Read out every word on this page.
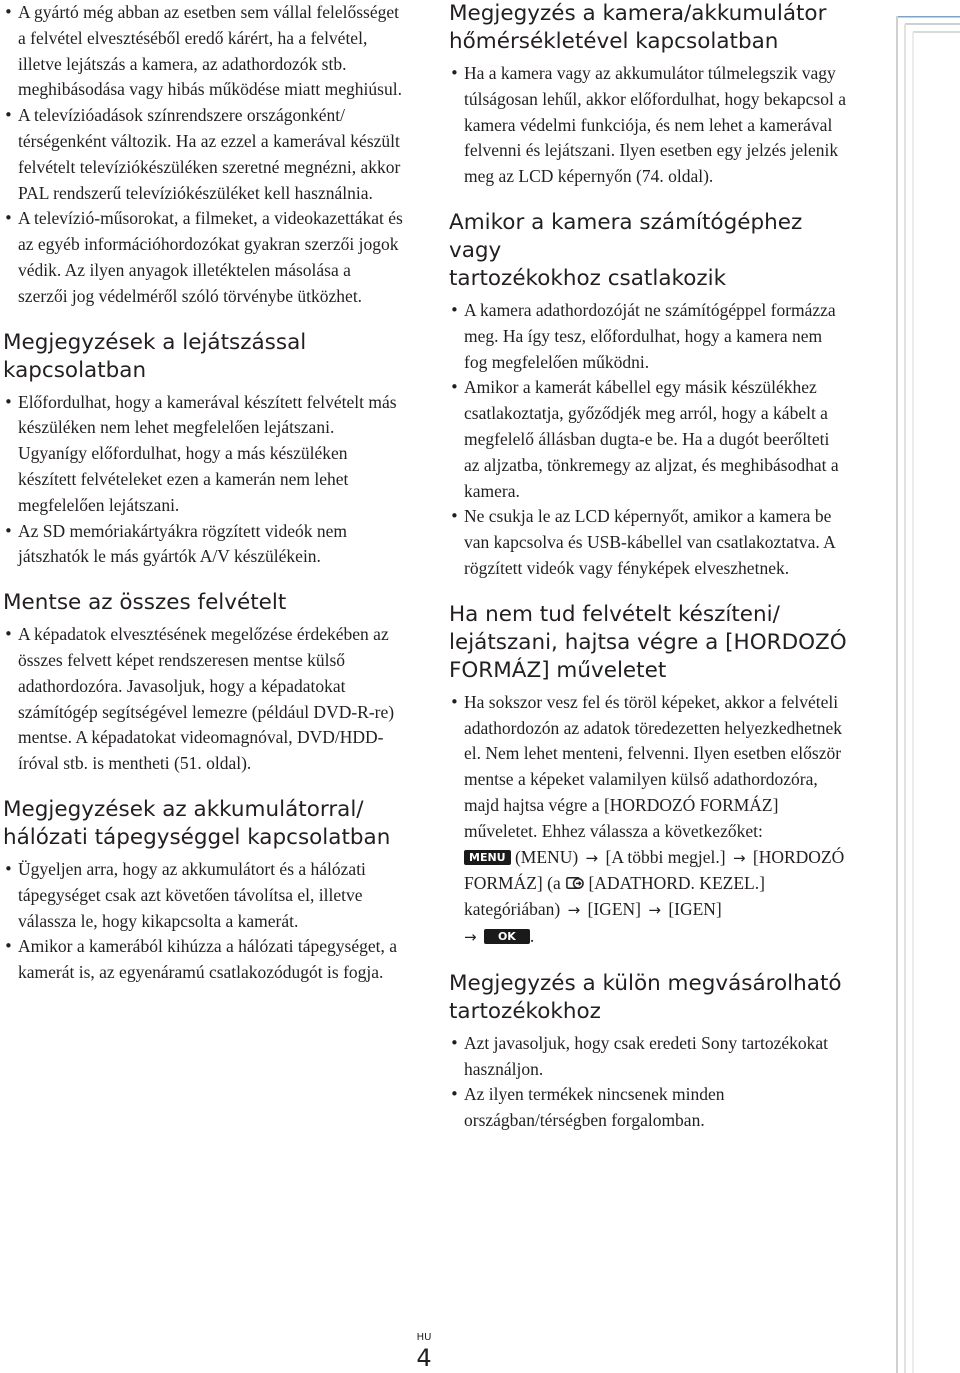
• A gyártó még abban az esetben sem vállal felelősséget a felvétel elvesztéséből eredő kárért, ha a felvétel, illetve lejátszás a kamera, az adathordozók stb. meghibásodása vagy hibás működése miatt meghiúsul.
• A televízióadások színrendszere országonként/ térségenként változik. Ha az ezzel a kamerával készült felvételt televíziókészüléken szeretné megnézni, akkor PAL rendszerű televíziókészüléket kell használnia.
• A televízió-műsorokat, a filmeket, a videokazettákat és az egyéb információhordozókat gyakran szerzői jogok védik. Az ilyen anyagok illetéktelen másolása a szerzői jog védelméről szóló törvénybe ütközhet.
Megjegyzések a lejátszással
kapcsolatban
• Előfordulhat, hogy a kamerával készített felvételt más készüléken nem lehet megfelelően lejátszani.

Ugyanígy előfordulhat, hogy a más készüléken készített felvételeket ezen a kamerán nem lehet megfelelően lejátszani.

• Az SD memóriakártyákra rögzített videók nem játszhatók le más gyártók A/V készülékein.
Mentse az összes felvételt
• A képadatok elvesztésének megelőzése érdekében az összes felvett képet rendszeresen mentse külső adathordozóra. Javasoljuk, hogy a képadatokat számítógép segítségével lemezre (például DVD-R-re) mentse. A képadatokat videomagnóval, DVD/HDD-íróval stb. is mentheti (51. oldal).
Megjegyzések az akkumulátorral/
hálózati tápegységgel kapcsolatban
• Ügyeljen arra, hogy az akkumulátort és a hálózati tápegységet csak azt követően távolítsa el, illetve válassza le, hogy kikapcsolta a kamerát.
• Amikor a kamerából kihúzza a hálózati tápegységet, a kamerát is, az egyenáramú csatlakozódugót is fogja.
Megjegyzés a kamera/akkumulátor
hőmérsékletével kapcsolatban
• Ha a kamera vagy az akkumulátor túlmelegszik vagy túlságosan lehűl, akkor előfordulhat, hogy bekapcsol a kamera védelmi funkciója, és nem lehet a kamerával felvenni és lejátszani. Ilyen esetben egy jelzés jelenik meg az LCD képernyőn (74. oldal).
Amikor a kamera számítógéphez vagy
tartozékokhoz csatlakozik
• A kamera adathordozóját ne számítógéppel formázza meg. Ha így tesz, előfordulhat, hogy a kamera nem fog megfelelően működni.
• Amikor a kamerát kábellel egy másik készülékhez csatlakoztatja, győződjék meg arról, hogy a kábelt a megfelelő állásban dugta-e be. Ha a dugót beerőlteti az aljzatba, tönkremegy az aljzat, és meghibásodhat a kamera.
• Ne csukja le az LCD képernyőt, amikor a kamera be van kapcsolva és USB-kábellel van csatlakoztatva. A rögzített videók vagy fényképek elveszhetnek.
Ha nem tud felvételt készíteni/
lejátszani, hajtsa végre a [HORDOZÓ
FORMÁZ] műveletet
• Ha sokszor vesz fel és töröl képeket, akkor a felvételi adathordozón az adatok töredezetten helyezkedhetnek el. Nem lehet menteni, felvenni. Ilyen esetben először mentse a képeket valamilyen külső adathordozóra, majd hajtsa végre a [HORDOZÓ FORMÁZ] műveletet. Ehhez válassza a következőket:
MENU (MENU) → [A többi megjel.] → [HORDOZÓ FORMÁZ] (a [ADATHORD. KEZEL.] kategóriában) → [IGEN] → [IGEN]
→ OK .
Megjegyzés a külön megvásárolható
tartozékokhoz
• Azt javasoljuk, hogy csak eredeti Sony tartozékokat használjon.
• Az ilyen termékek nincsenek minden országban/térségben forgalomban.
HU
4
